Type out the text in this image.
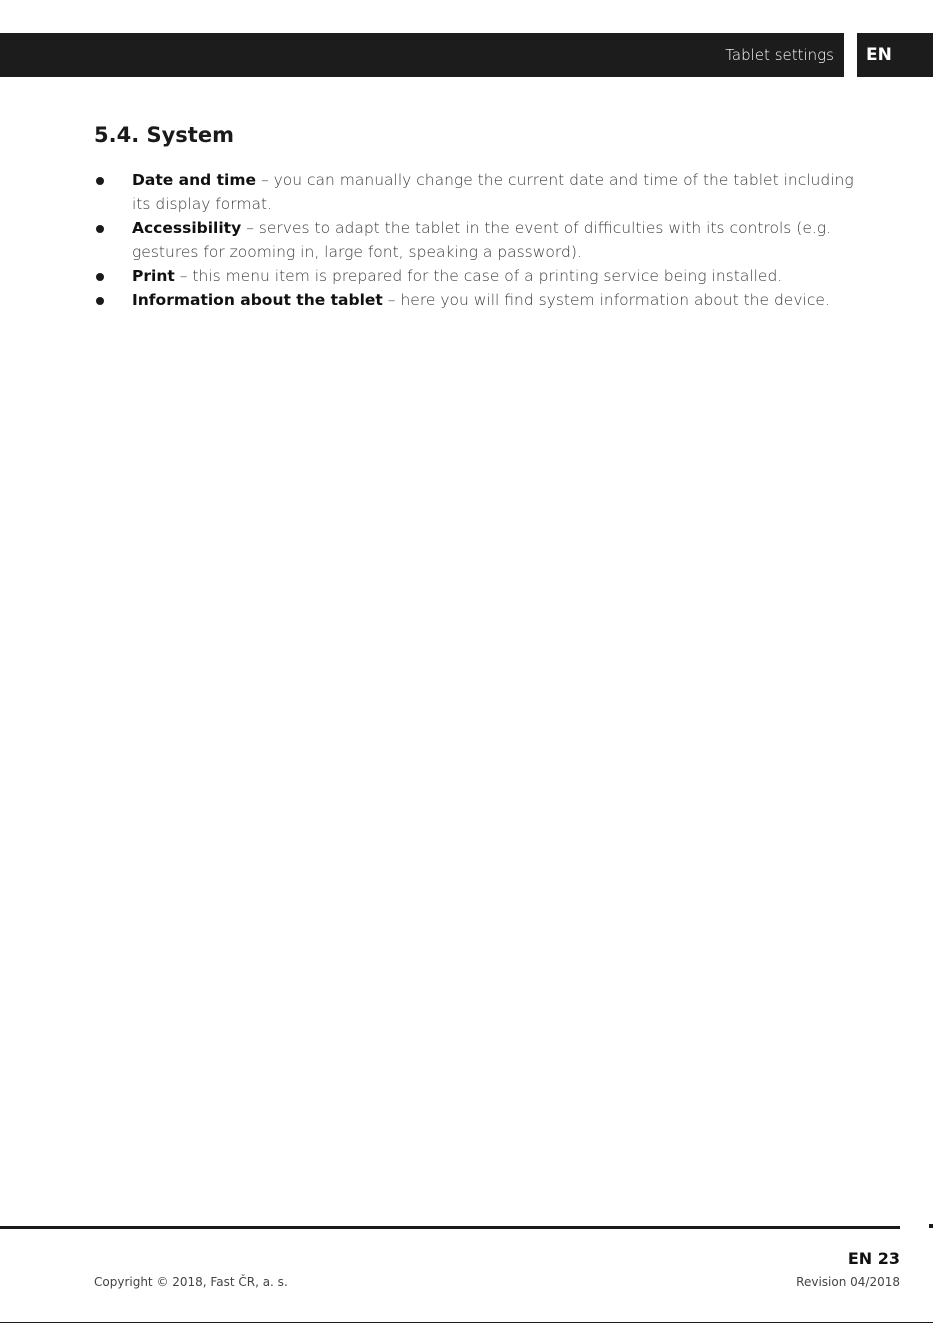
Tablet settings EN
5.4. System
Date and time – you can manually change the current date and time of the tablet including its display format.
Accessibility – serves to adapt the tablet in the event of difficulties with its controls (e.g. gestures for zooming in, large font, speaking a password).
Print – this menu item is prepared for the case of a printing service being installed.
Information about the tablet – here you will find system information about the device.
EN 23
Copyright © 2018, Fast ČR, a. s.	Revision 04/2018
